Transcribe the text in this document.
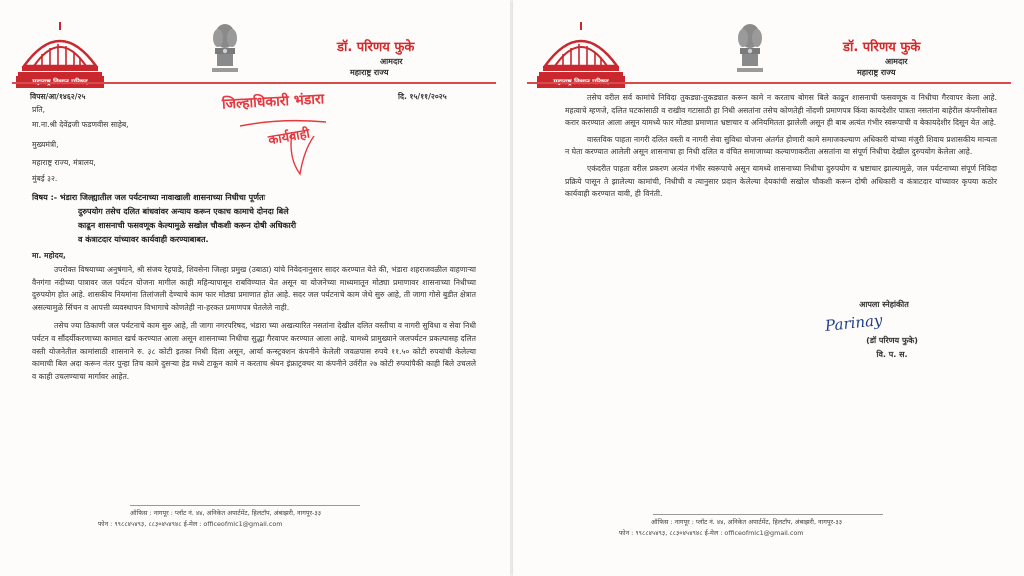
डॉ. परिणय फुके
आमदार
महाराष्ट्र राज्य
विपस/आ/१४६२/२५	दि. १५/११/२०२५
जिल्हाधिकारी भंडारा
कार्यवाही
प्रति,
मा.ना.श्री देवेंद्रजी फडणवीस साहेब,
मुख्यमंत्री,
महाराष्ट्र राज्य, मंत्रालय,
मुंबई ३२.
विषय :- भंडारा जिल्ह्यातील जल पर्यटनाच्या नावाखाली शासनाच्या निधीचा पूर्णतः
दुरुपयोग तसेच दलित बांधवांवर अन्याय करून एकाच कामाचे दोनदा बिले
काढून शासनाची फसवणूक केल्यामुळे सखोल चौकशी करून दोषी अधिकारी
व कंत्राटदार यांच्यावर कार्यवाही करण्याबाबत.
मा. महोदय,

उपरोक्त विषयाच्या अनुषंगाने, श्री संजय रेहपाडे, शिवसेना जिल्हा प्रमुख (उबाठा) यांचे निवेदनानुसार सादर करण्यात येते की, भंडारा शहराजवळील वाहणाऱ्या वैनगंगा नदीच्या पात्रावर जल पर्यटन योजना मागील काही महिन्यापासून राबविण्यात येत असून या योजनेच्या माध्यमातून मोठ्या प्रमाणावर शासनाच्या निधीच्या दुरुपयोग होत आहे. शासकीय नियमांना तिलांजली देण्याचे काम फार मोठ्या प्रमाणात होत आहे. सदर जल पर्यटनाचे काम जेथे सुरु आहे, ती जागा गोसे बुडीत क्षेत्रात असल्यामुळे सिंचन व आपत्ती व्यवस्थापन विभागाचे कोणतेही ना-हरकत प्रमाणपत्र घेतलेले नाही.

तसेच ज्या ठिकाणी जल पर्यटनाचे काम सुरु आहे, ती जागा नगरपरिषद, भंडारा च्या अखत्यारित नसतांना देखील दलित वस्तीचा व नागरी सुविधा व सेवा निधी पर्यटन व सौंदर्यीकरणाच्या कामात खर्च करण्यात आला असून शासनाच्या निधीचा सुद्धा गैरवापर करण्यात आला आहे. यामध्ये प्रामुख्याने जलपर्यटन प्रकल्पासह दलित वस्ती योजनेतील कामांसाठी शासनाने रु. ३८ कोटी इतका निधी दिला असून, आर्या कन्स्ट्रक्शन कंपनीने केलेली जवळपास रुपये ११.५० कोटी रुपयांची केलेल्या कामाची बिल अदा करून नंतर पुन्हा तिच कामे दुसऱ्या हेड मध्ये टाकून कामे न करताच श्रेयन इंफ्राट्रक्चर या कंपनीने उर्वरीत २७ कोटी रुपयांपैकी काही बिले उचलले व काही उचलण्याचा मार्गावर आहेत.

ऑफिस : नागपूर : प्लॉट नं. ४४, अनिकेत अपार्टमेंट, हिलटॉप, अंबाझरी, नागपूर-३३
फोन : ९९८८४५४९३, ८८३०४५४९४८ ई-मेल : officeofmlc1@gmail.com
डॉ. परिणय फुके
आमदार
महाराष्ट्र राज्य

तसेच वरील सर्व कामांचे निविदा तुकड्या-तुकड्यात करून कामे न करताच बोगस बिले काढून शासनाची फसवणूक व निधीचा गैरवापर केला आहे. महत्वाचे म्हणजे, दलित घटकांसाठी व राखीव गटासाठी हा निधी असतांना तसेच कोणतेही नोंदणी प्रमाणपत्र किंवा कायदेशीर पात्रता नसतांना बाहेरील कंपनीसोबत करार करण्यात आला असून यामध्ये फार मोठ्या प्रमाणात भ्रष्टाचार व अनियमितता झालेली असून ही बाब अत्यंत गंभीर स्वरूपाची व बेकायदेशीर दिसून येत आहे.

वास्तविक पाहता नागरी दलित वस्ती व नागरी सेवा सुविधा योजना अंतर्गत होणारी कामे समाजकल्याण अधिकारी यांच्या मंजुरी शिवाय प्रशासकीय मान्यता न घेता करण्यात आलेली असून शासनाचा हा निधी दलित व वंचित समाजाच्या कल्याणाकरीता असतांना या संपूर्ण निधीचा देखील दुरुपयोग केलेला आहे.

एकंदरीत पाहता वरील प्रकरण अत्यंत गंभीर स्वरूपाचे असून यामध्ये शासनाच्या निधीचा दुरुपयोग व भ्रष्टाचार झाल्यामुळे, जल पर्यटनाच्या संपूर्ण निविदा प्रक्रिये पासून ते झालेल्या कामांची, निधीची व त्यानुसार प्रदान केलेल्या देयकांची सखोल चौकशी करून दोषी अधिकारी व कंत्राटदार यांच्यावर कृपया कठोर कार्यवाही करण्यात यावी, ही विनंती.

आपला स्नेहांकीत
Parinay
(डॉ परिणय फुके)
वि. प. स.
ऑफिस : नागपूर : प्लॉट नं. ४४, अनिकेत अपार्टमेंट, हिलटॉप, अंबाझरी, नागपूर-३३
फोन : ९९८८४५४९३, ८८३०४५४९४८ ई-मेल : officeofmlc1@gmail.com
